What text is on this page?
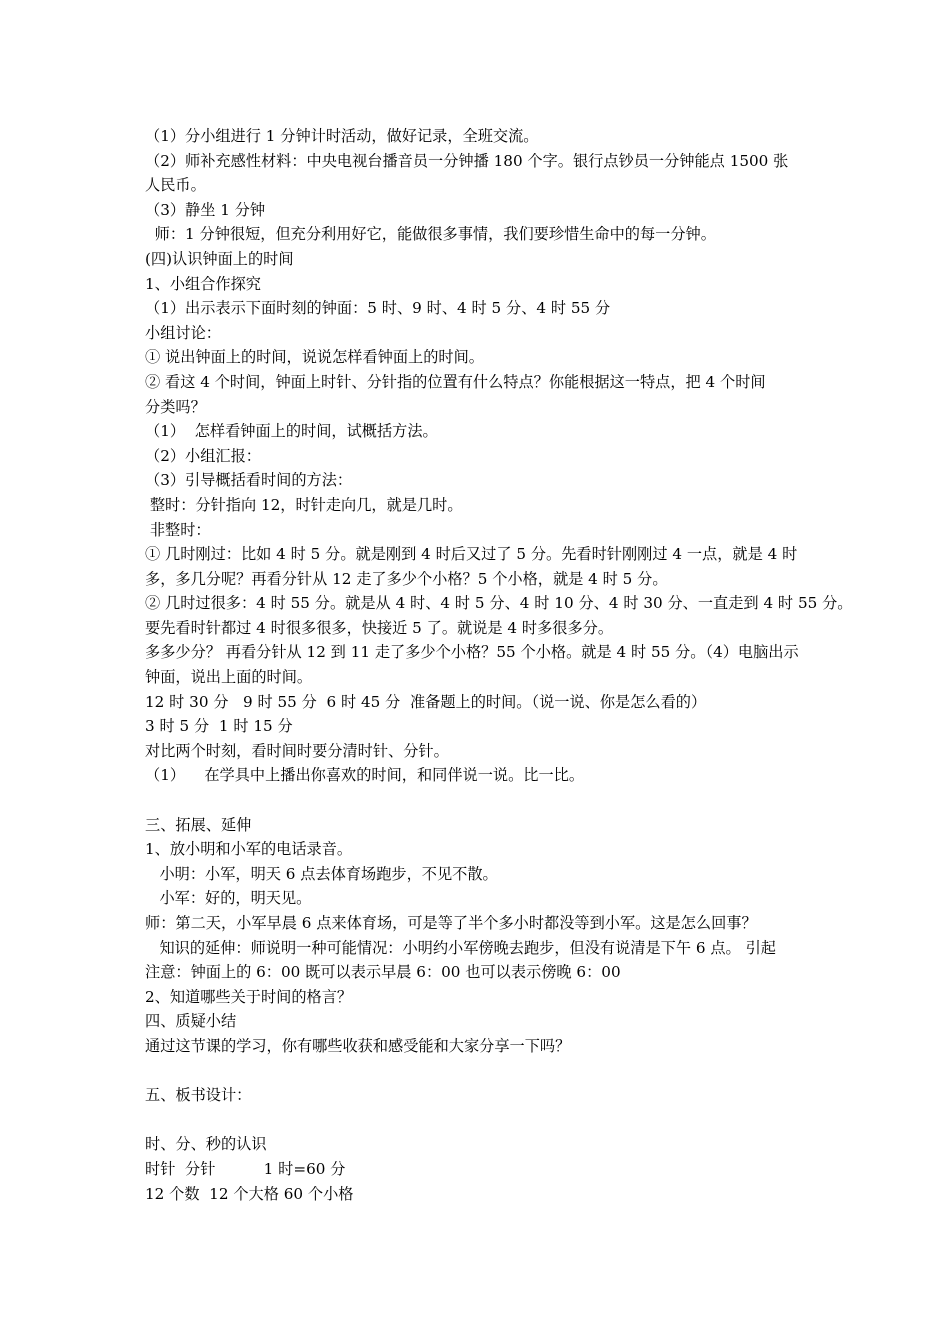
（1）分小组进行 1 分钟计时活动，做好记录，全班交流。
（2）师补充感性材料：中央电视台播音员一分钟播 180 个字。银行点钞员一分钟能点 1500 张
人民币。
（3）静坐 1 分钟
师：1 分钟很短，但充分利用好它，能做很多事情，我们要珍惜生命中的每一分钟。
(四)认识钟面上的时间
1、小组合作探究
（1）出示表示下面时刻的钟面：5 时、9 时、4 时 5 分、4 时 55 分
小组讨论：
① 说出钟面上的时间，说说怎样看钟面上的时间。
② 看这 4 个时间，钟面上时针、分针指的位置有什么特点？你能根据这一特点，把 4 个时间
分类吗？
（1）  怎样看钟面上的时间，试概括方法。
（2）小组汇报：
（3）引导概括看时间的方法：
整时：分针指向 12，时针走向几，就是几时。
非整时：
① 几时刚过：比如 4 时 5 分。就是刚到 4 时后又过了 5 分。先看时针刚刚过 4 一点，就是 4 时
多，多几分呢？再看分针从 12 走了多少个小格？5 个小格，就是 4 时 5 分。
② 几时过很多：4 时 55 分。就是从 4 时、4 时 5 分、4 时 10 分、4 时 30 分、一直走到 4 时 55 分。
要先看时针都过 4 时很多很多，快接近 5 了。就说是 4 时多很多分。
多多少分？ 再看分针从 12 到 11 走了多少个小格？55 个小格。就是 4 时 55 分。（4）电脑出示
钟面，说出上面的时间。
12 时 30 分   9 时 55 分  6 时 45 分  准备题上的时间。（说一说、你是怎么看的）
3 时 5 分  1 时 15 分
对比两个时刻，看时间时要分清时针、分针。
（1）    在学具中上播出你喜欢的时间，和同伴说一说。比一比。
三、拓展、延伸
1、放小明和小军的电话录音。
小明：小军，明天 6 点去体育场跑步，不见不散。
小军：好的，明天见。
师：第二天，小军早晨 6 点来体育场，可是等了半个多小时都没等到小军。这是怎么回事？
知识的延伸：师说明一种可能情况：小明约小军傍晚去跑步，但没有说清是下午 6 点。 引起
注意：钟面上的 6：00 既可以表示早晨 6：00 也可以表示傍晚 6：00
2、知道哪些关于时间的格言？
四、质疑小结
通过这节课的学习，你有哪些收获和感受能和大家分享一下吗？
五、板书设计：
时、分、秒的认识
时针  分针          1 时=60 分
12 个数  12 个大格 60 个小格
